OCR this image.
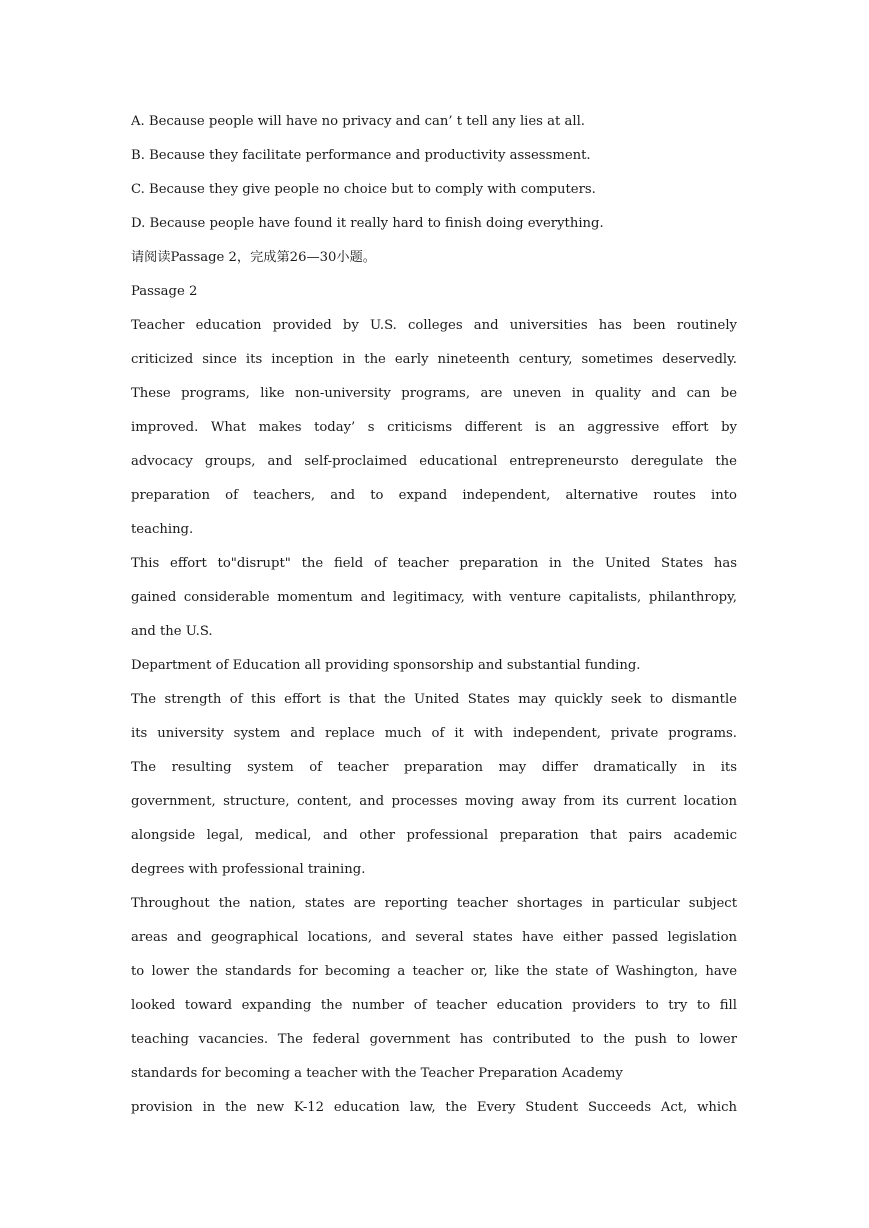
A. Because people will have no privacy and can’ t tell any lies at all.
B. Because they facilitate performance and productivity assessment.
C. Because they give people no choice but to comply with computers.
D. Because people have found it really hard to finish doing everything.
请阅读Passage 2，完成第26—30小题。
Passage 2
Teacher education provided by U.S. colleges and universities has been routinely
criticized since its inception in the early nineteenth century, sometimes deservedly.
These programs, like non-university programs, are uneven in quality and can be
improved. What makes today’ s criticisms different is an aggressive effort by
advocacy groups, and self-proclaimed educational entrepreneursto deregulate the
preparation of teachers, and to expand independent, alternative routes into
teaching.
This effort to"disrupt" the field of teacher preparation in the United States has
gained considerable momentum and legitimacy, with venture capitalists, philanthropy,
and the U.S.
Department of Education all providing sponsorship and substantial funding.
The strength of this effort is that the United States may quickly seek to dismantle
its university system and replace much of it with independent, private programs.
The resulting system of teacher preparation may differ dramatically in its
government, structure, content, and processes moving away from its current location
alongside legal, medical, and other professional preparation that pairs academic
degrees with professional training.
Throughout the nation, states are reporting teacher shortages in particular subject
areas and geographical locations, and several states have either passed legislation
to lower the standards for becoming a teacher or, like the state of Washington, have
looked toward expanding the number of teacher education providers to try to fill
teaching vacancies. The federal government has contributed to the push to lower
standards for becoming a teacher with the Teacher Preparation Academy
provision in the new K-12 education law, the Every Student Succeeds Act, which
